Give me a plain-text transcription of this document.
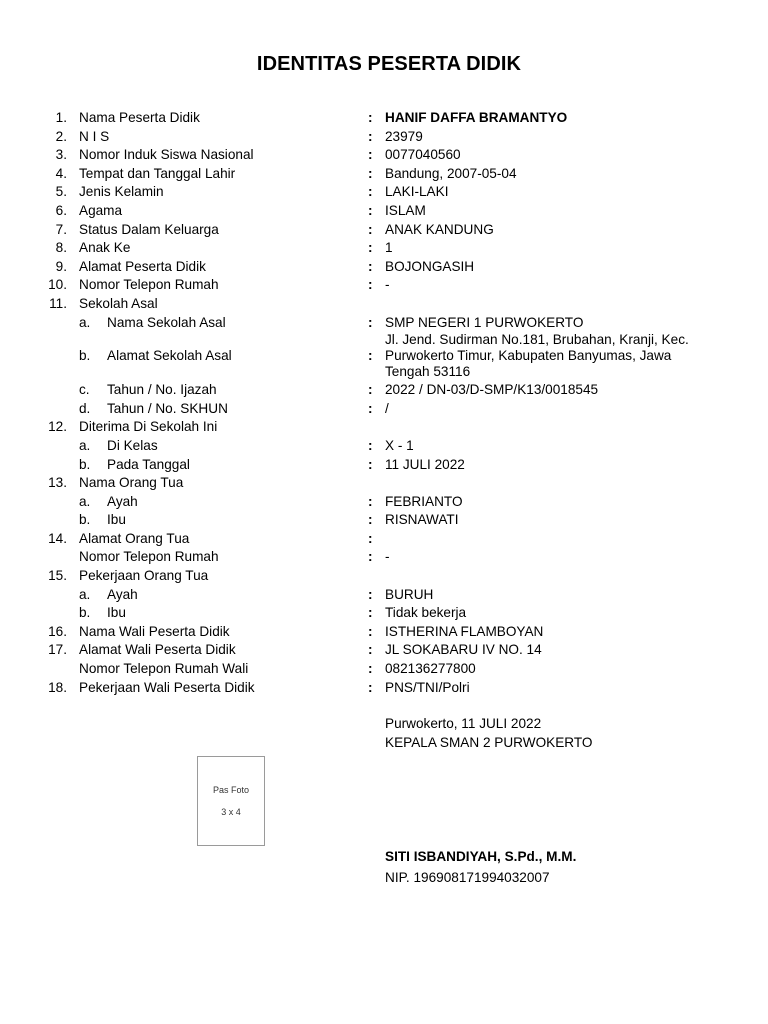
IDENTITAS PESERTA DIDIK
1. Nama Peserta Didik	: HANIF DAFFA BRAMANTYO
2. N I S	: 23979
3. Nomor Induk Siswa Nasional	: 0077040560
4. Tempat dan Tanggal Lahir	: Bandung, 2007-05-04
5. Jenis Kelamin	: LAKI-LAKI
6. Agama	: ISLAM
7. Status Dalam Keluarga	: ANAK KANDUNG
8. Anak Ke	: 1
9. Alamat Peserta Didik	: BOJONGASIH
10. Nomor Telepon Rumah	: -
11. Sekolah Asal
a. Nama Sekolah Asal	: SMP NEGERI 1 PURWOKERTO
b. Alamat Sekolah Asal	:
Jl. Jend. Sudirman No.181, Brubahan, Kranji, Kec. Purwokerto Timur, Kabupaten Banyumas, Jawa Tengah 53116
c. Tahun / No. Ijazah	: 2022 / DN-03/D-SMP/K13/0018545
d. Tahun / No. SKHUN	: /
12. Diterima Di Sekolah Ini
a. Di Kelas	: X - 1
b. Pada Tanggal	: 11 JULI 2022
13. Nama Orang Tua
a. Ayah	: FEBRIANTO
b. Ibu	: RISNAWATI
14. Alamat Orang Tua	:
Nomor Telepon Rumah	: -
15. Pekerjaan Orang Tua
a. Ayah	: BURUH
b. Ibu	: Tidak bekerja
16. Nama Wali Peserta Didik	: ISTHERINA FLAMBOYAN
17. Alamat Wali Peserta Didik	: JL SOKABARU IV NO. 14
Nomor Telepon Rumah Wali	: 082136277800
18. Pekerjaan Wali Peserta Didik	: PNS/TNI/Polri
Purwokerto, 11 JULI 2022
KEPALA SMAN 2 PURWOKERTO
Pas Foto
3 x 4
SITI ISBANDIYAH, S.Pd., M.M.
NIP. 196908171994032007
